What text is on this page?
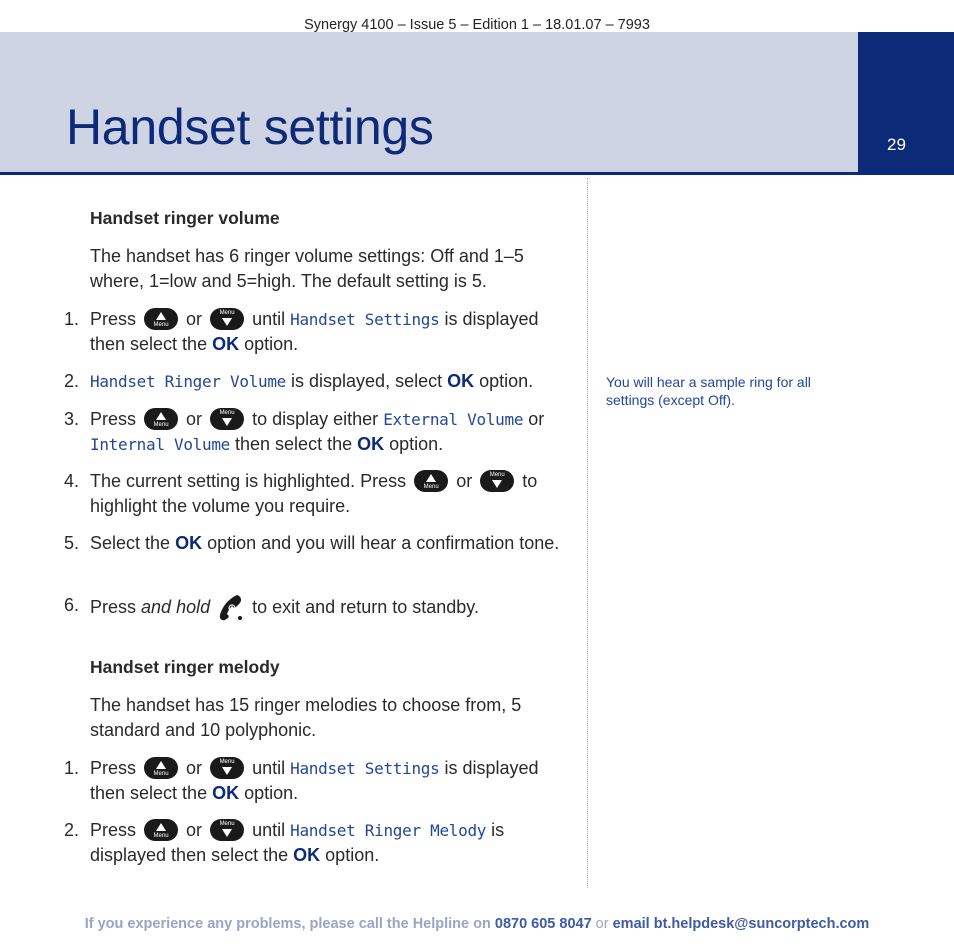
Synergy 4100 – Issue 5 – Edition 1 – 18.01.07 – 7993
Handset settings	29
Handset ringer volume

The handset has 6 ringer volume settings: Off and 1–5 where, 1=low and 5=high. The default setting is 5.

1. Press	Menu or	Menu until Handset Settings is displayed then select the OK option.
2. Handset Ringer Volume is displayed, select OK option.
3. Press	Menu or	Menu to display either External Volume or Internal Volume then select the OK option.
4. The current setting is highlighted. Press	Menu or	Menu to highlight the volume you require.
5. Select the OK option and you will hear a confirmation tone.
6. Press and hold to exit and return to standby.
Handset ringer melody

The handset has 15 ringer melodies to choose from, 5 standard and 10 polyphonic.

1. Press	Menu or	Menu until Handset Settings is displayed then select the OK option.
2. Press	Menu or	Menu until Handset Ringer Melody is displayed then select the OK option.
You will hear a sample ring for all settings (except Off).
If you experience any problems, please call the Helpline on 0870 605 8047 or email bt.helpdesk@suncorptech.com
